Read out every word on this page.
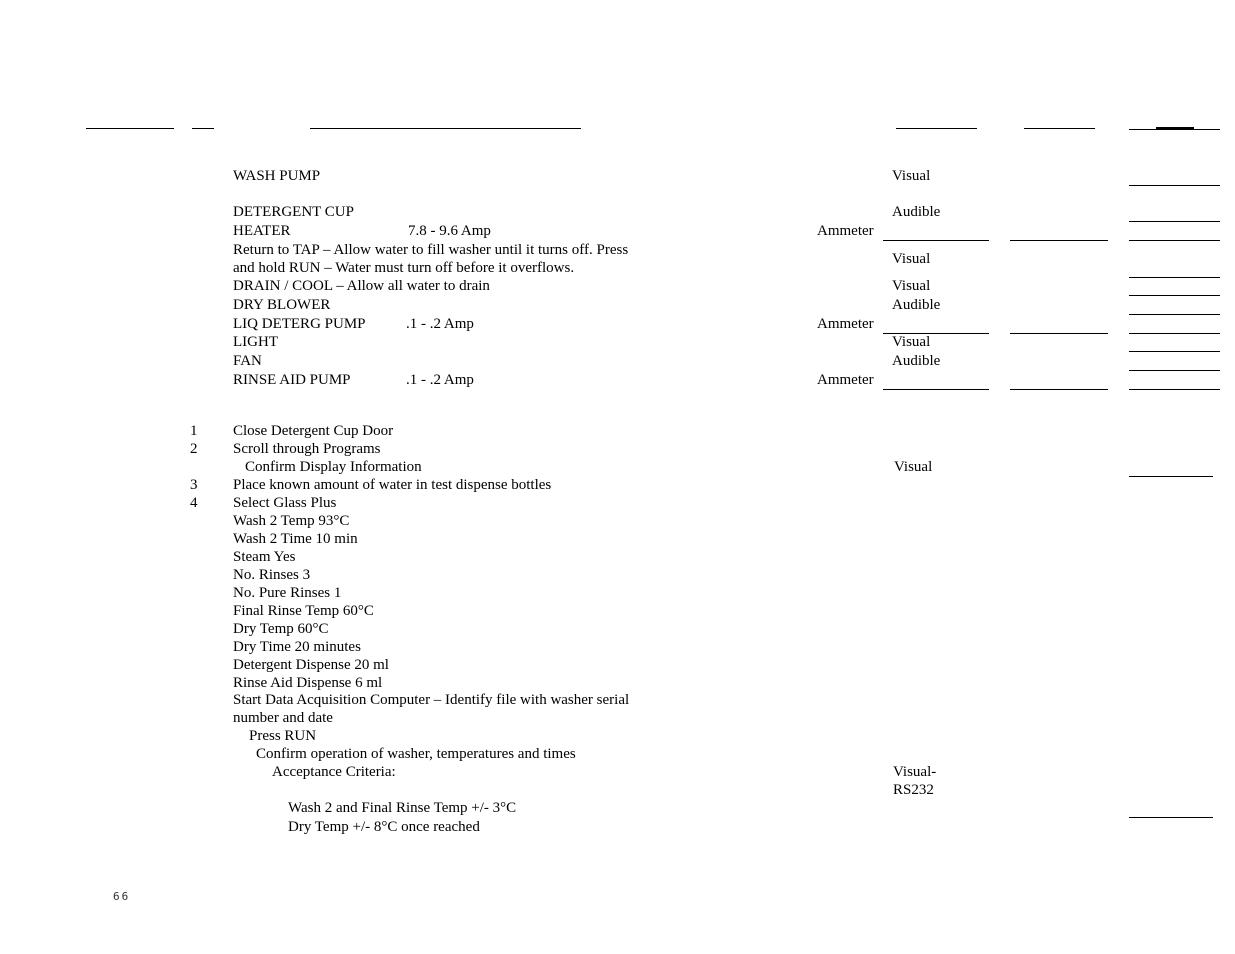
WASH PUMP	Visual
DETERGENT CUP	Audible
HEATER	7.8 - 9.6 Amp	Ammeter
Return to TAP – Allow water to fill washer until it turns off. Press
and hold RUN – Water must turn off before it overflows.
Visual
DRAIN / COOL – Allow all water to drain	Visual
DRY BLOWER	Audible
LIQ DETERG PUMP	.1 - .2 Amp	Ammeter
LIGHT	Visual
FAN	Audible
RINSE AID PUMP	.1 - .2 Amp	Ammeter
1 Close Detergent Cup Door
2 Scroll through Programs
Confirm Display Information	Visual
3 Place known amount of water in test dispense bottles
4 Select Glass Plus
Wash 2 Temp 93°C
Wash 2 Time 10 min
Steam Yes
No. Rinses 3
No. Pure Rinses 1
Final Rinse Temp 60°C
Dry Temp 60°C
Dry Time 20 minutes
Detergent Dispense 20 ml
Rinse Aid Dispense 6 ml
Start Data Acquisition Computer – Identify file with washer serial
number and date
Press RUN
Confirm operation of washer, temperatures and times
Acceptance Criteria:	Visual-
RS232
Wash 2 and Final Rinse Temp +/- 3°C
Dry Temp +/- 8°C once reached
66
